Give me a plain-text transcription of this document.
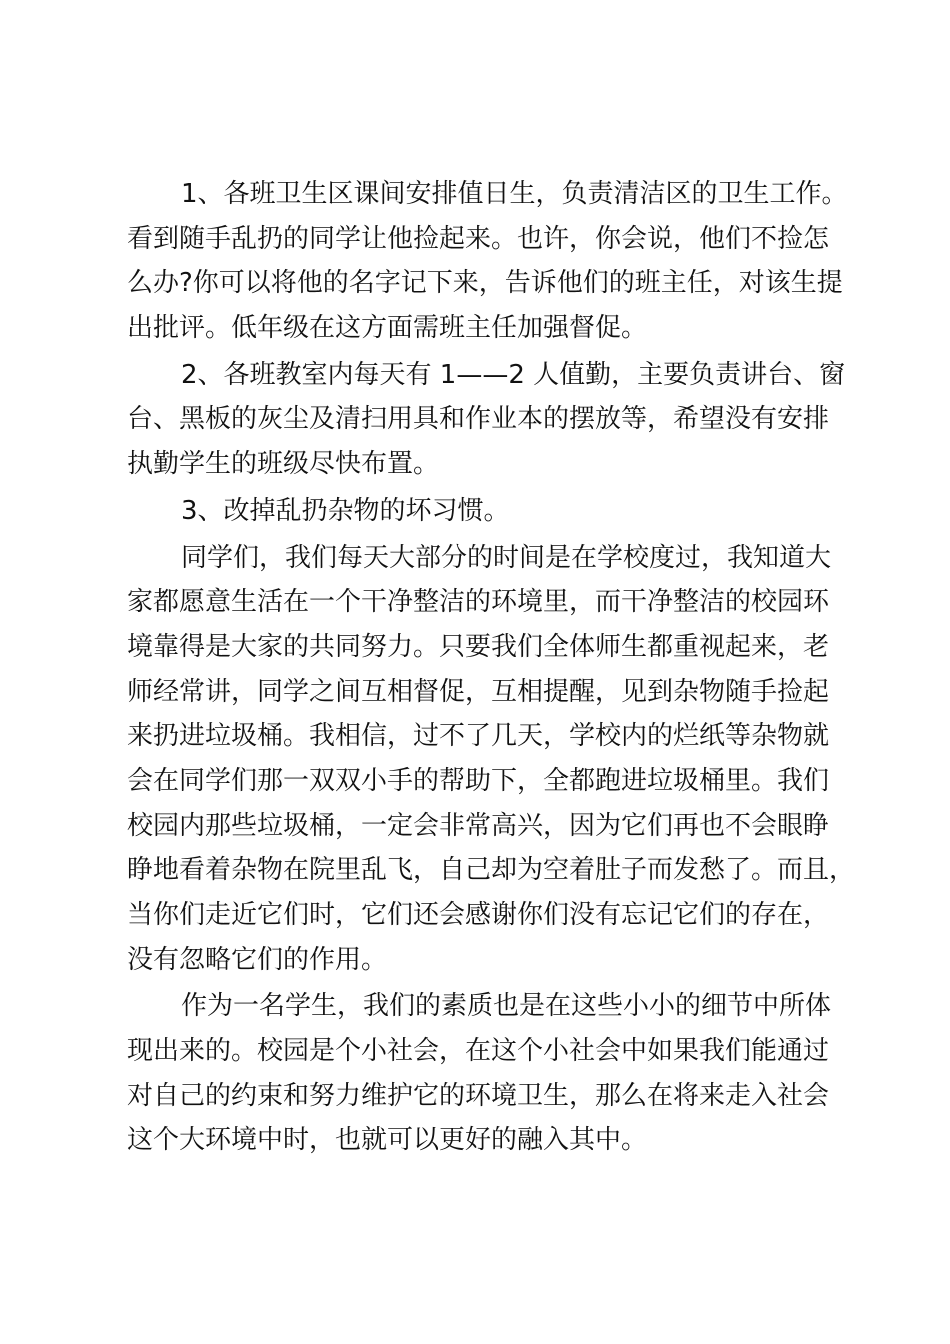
1、各班卫生区课间安排值日生，负责清洁区的卫生工作。
看到随手乱扔的同学让他捡起来。也许，你会说，他们不捡怎
么办?你可以将他的名字记下来，告诉他们的班主任，对该生提
出批评。低年级在这方面需班主任加强督促。
2、各班教室内每天有 1——2 人值勤，主要负责讲台、窗
台、黑板的灰尘及清扫用具和作业本的摆放等，希望没有安排
执勤学生的班级尽快布置。
3、改掉乱扔杂物的坏习惯。
同学们，我们每天大部分的时间是在学校度过，我知道大
家都愿意生活在一个干净整洁的环境里，而干净整洁的校园环
境靠得是大家的共同努力。只要我们全体师生都重视起来，老
师经常讲，同学之间互相督促，互相提醒，见到杂物随手捡起
来扔进垃圾桶。我相信，过不了几天，学校内的烂纸等杂物就
会在同学们那一双双小手的帮助下，全都跑进垃圾桶里。我们
校园内那些垃圾桶，一定会非常高兴，因为它们再也不会眼睁
睁地看着杂物在院里乱飞，自己却为空着肚子而发愁了。而且，
当你们走近它们时，它们还会感谢你们没有忘记它们的存在，
没有忽略它们的作用。
作为一名学生，我们的素质也是在这些小小的细节中所体
现出来的。校园是个小社会，在这个小社会中如果我们能通过
对自己的约束和努力维护它的环境卫生，那么在将来走入社会
这个大环境中时，也就可以更好的融入其中。
